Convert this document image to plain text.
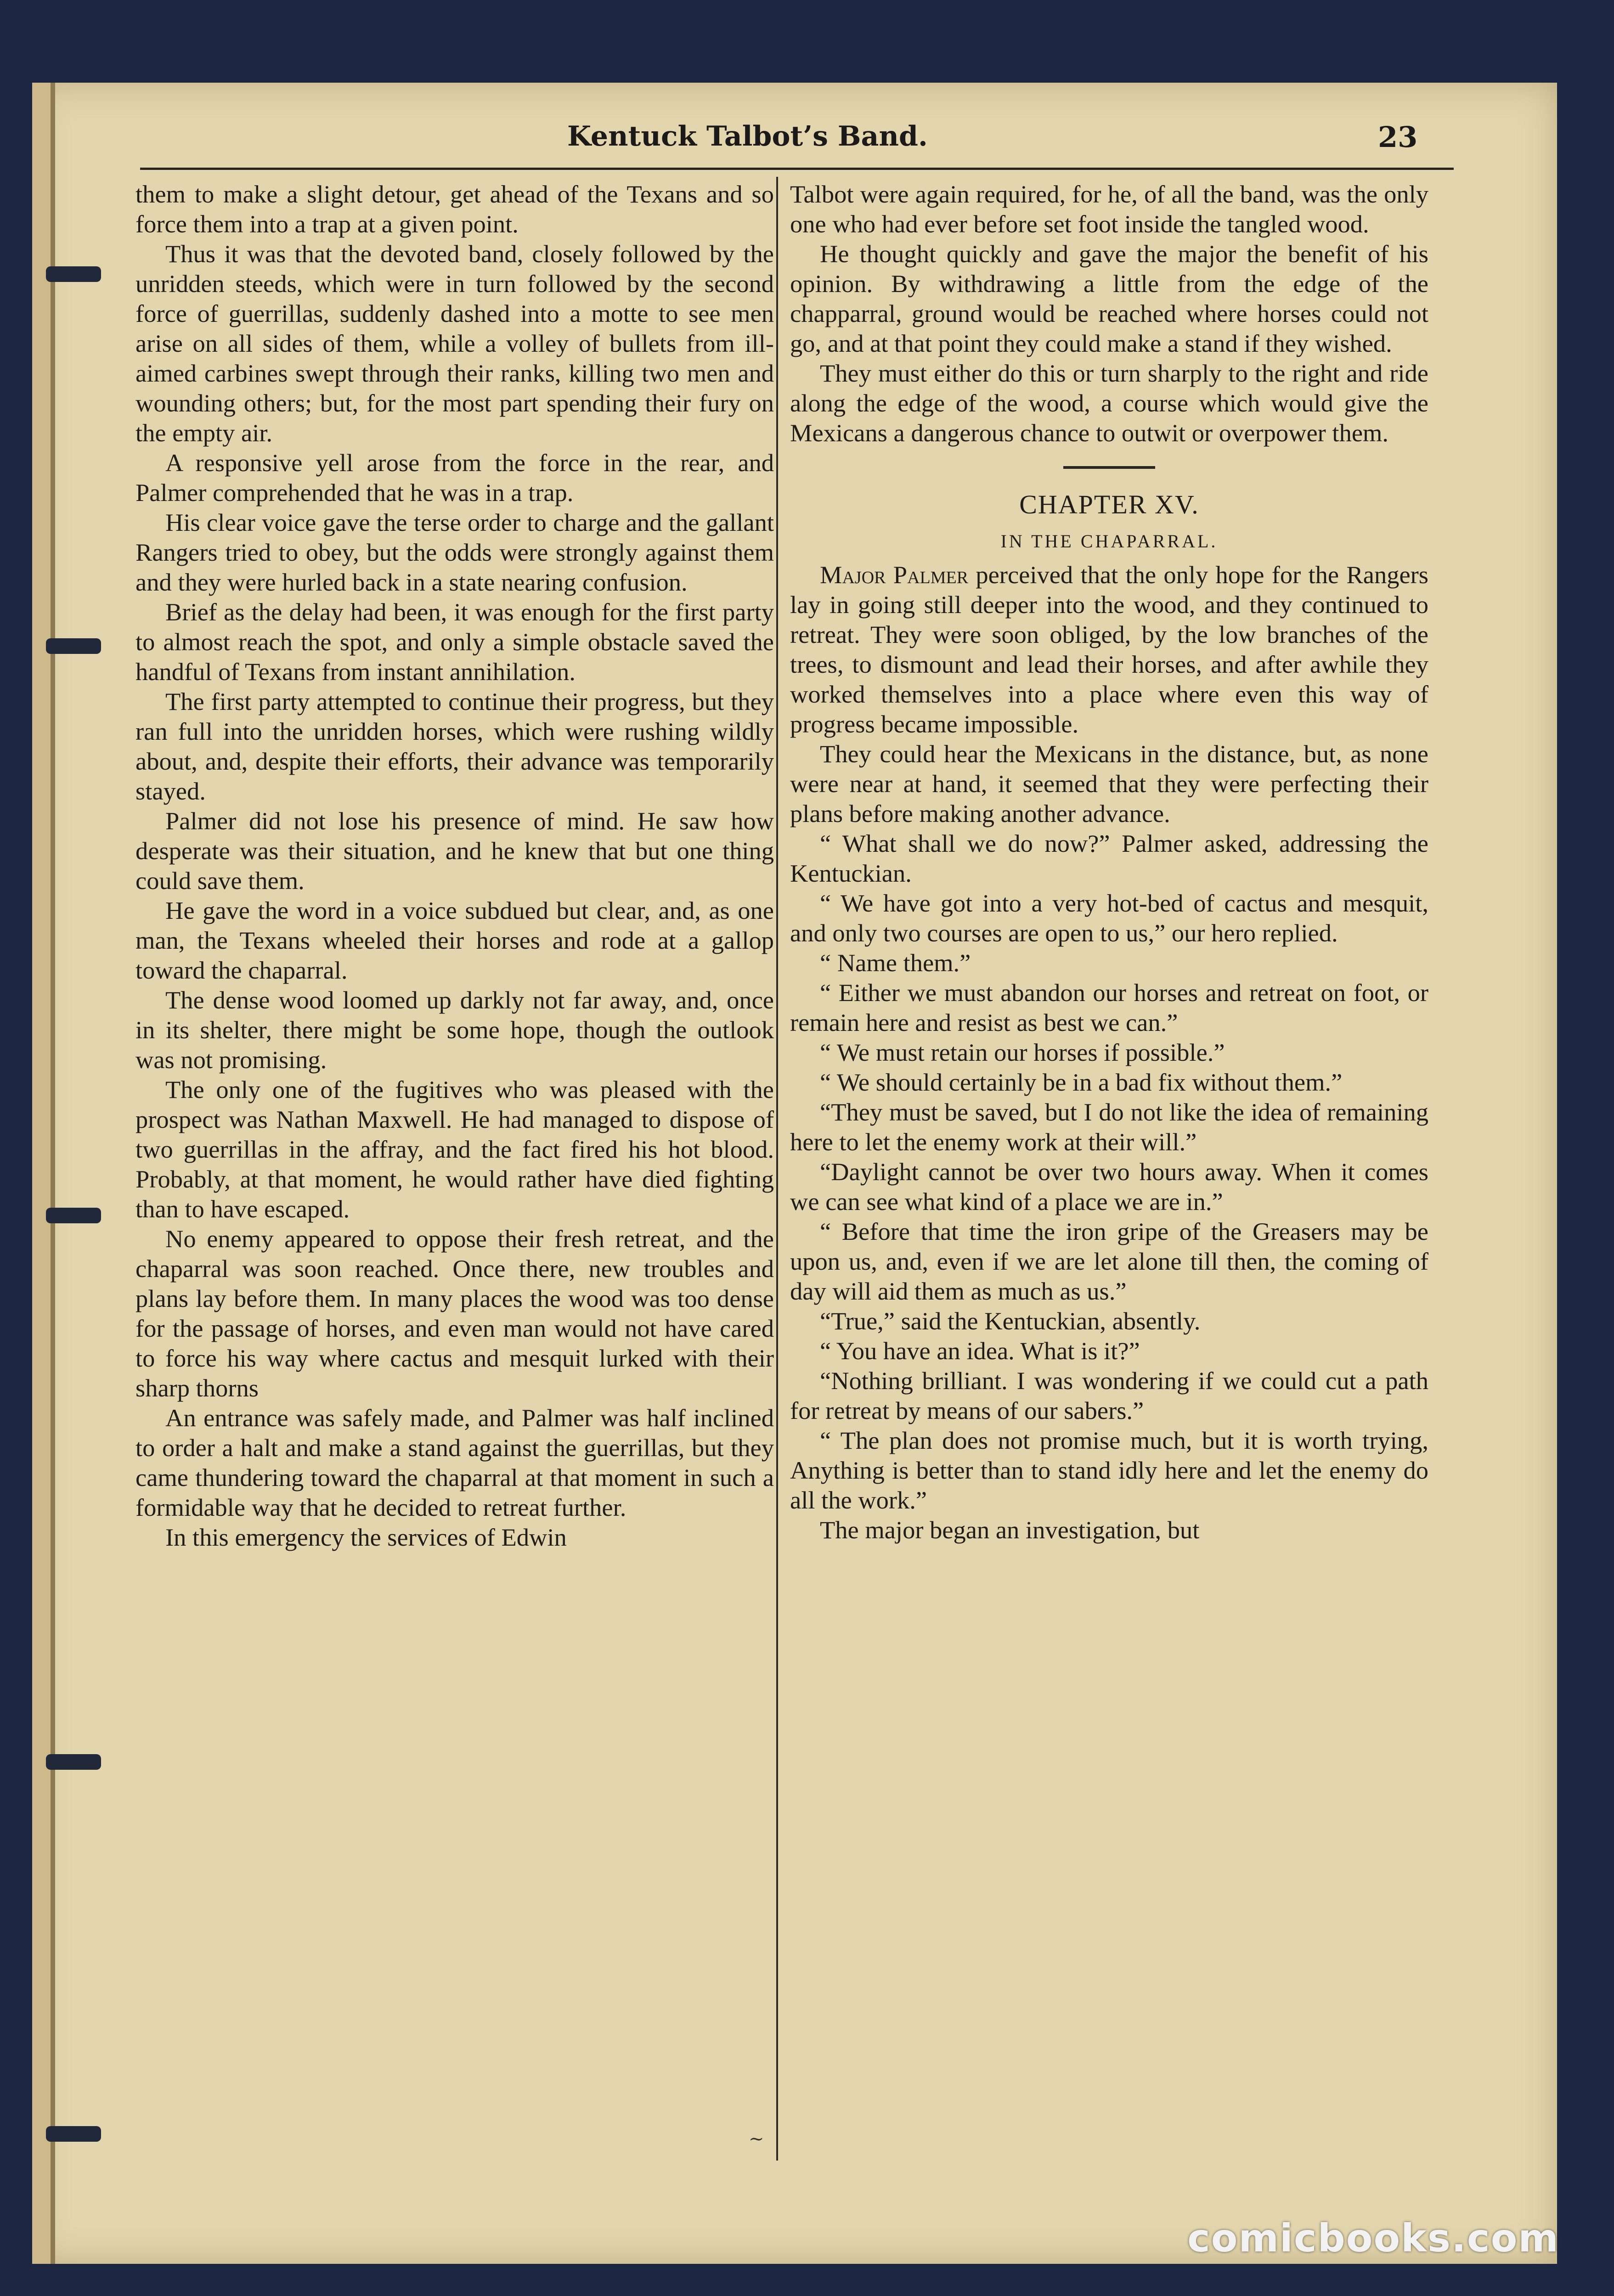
Kentuck Talbot’s Band.	23

them to make a slight detour, get ahead of the Texans and so force them into a trap at a given point.

Thus it was that the devoted band, closely followed by the unridden steeds, which were in turn followed by the second force of guerrillas, suddenly dashed into a motte to see men arise on all sides of them, while a volley of bullets from ill-aimed carbines swept through their ranks, killing two men and wounding others; but, for the most part spending their fury on the empty air.

A responsive yell arose from the force in the rear, and Palmer comprehended that he was in a trap.

His clear voice gave the terse order to charge and the gallant Rangers tried to obey, but the odds were strongly against them and they were hurled back in a state nearing confusion.

Brief as the delay had been, it was enough for the first party to almost reach the spot, and only a simple obstacle saved the handful of Texans from instant annihilation.

The first party attempted to continue their progress, but they ran full into the unridden horses, which were rushing wildly about, and, despite their efforts, their advance was temporarily stayed.

Palmer did not lose his presence of mind. He saw how desperate was their situation, and he knew that but one thing could save them.

He gave the word in a voice subdued but clear, and, as one man, the Texans wheeled their horses and rode at a gallop toward the chaparral.

The dense wood loomed up darkly not far away, and, once in its shelter, there might be some hope, though the outlook was not promising.

The only one of the fugitives who was pleased with the prospect was Nathan Maxwell. He had managed to dispose of two guerrillas in the affray, and the fact fired his hot blood. Probably, at that moment, he would rather have died fighting than to have escaped.

No enemy appeared to oppose their fresh retreat, and the chaparral was soon reached. Once there, new troubles and plans lay before them. In many places the wood was too dense for the passage of horses, and even man would not have cared to force his way where cactus and mesquit lurked with their sharp thorns

An entrance was safely made, and Palmer was half inclined to order a halt and make a stand against the guerrillas, but they came thundering toward the chaparral at that moment in such a formidable way that he decided to retreat further.

In this emergency the services of Edwin

Talbot were again required, for he, of all the band, was the only one who had ever before set foot inside the tangled wood.

He thought quickly and gave the major the benefit of his opinion. By withdrawing a little from the edge of the chapparral, ground would be reached where horses could not go, and at that point they could make a stand if they wished.

They must either do this or turn sharply to the right and ride along the edge of the wood, a course which would give the Mexicans a dangerous chance to outwit or overpower them.

CHAPTER XV.

IN THE CHAPARRAL.

Major Palmer perceived that the only hope for the Rangers lay in going still deeper into the wood, and they continued to retreat. They were soon obliged, by the low branches of the trees, to dismount and lead their horses, and after awhile they worked themselves into a place where even this way of progress became impossible.

They could hear the Mexicans in the distance, but, as none were near at hand, it seemed that they were perfecting their plans before making another advance.

“ What shall we do now?” Palmer asked, addressing the Kentuckian.

“ We have got into a very hot-bed of cactus and mesquit, and only two courses are open to us,” our hero replied.

“ Name them.”

“ Either we must abandon our horses and retreat on foot, or remain here and resist as best we can.”

“ We must retain our horses if possible.”

“ We should certainly be in a bad fix without them.”

“They must be saved, but I do not like the idea of remaining here to let the enemy work at their will.”

“Daylight cannot be over two hours away. When it comes we can see what kind of a place we are in.”

“ Before that time the iron gripe of the Greasers may be upon us, and, even if we are let alone till then, the coming of day will aid them as much as us.”

“True,” said the Kentuckian, absently.

“ You have an idea. What is it?”

“Nothing brilliant. I was wondering if we could cut a path for retreat by means of our sabers.”

“ The plan does not promise much, but it is worth trying, Anything is better than to stand idly here and let the enemy do all the work.”

The major began an investigation, but

~
comicbooks.com
